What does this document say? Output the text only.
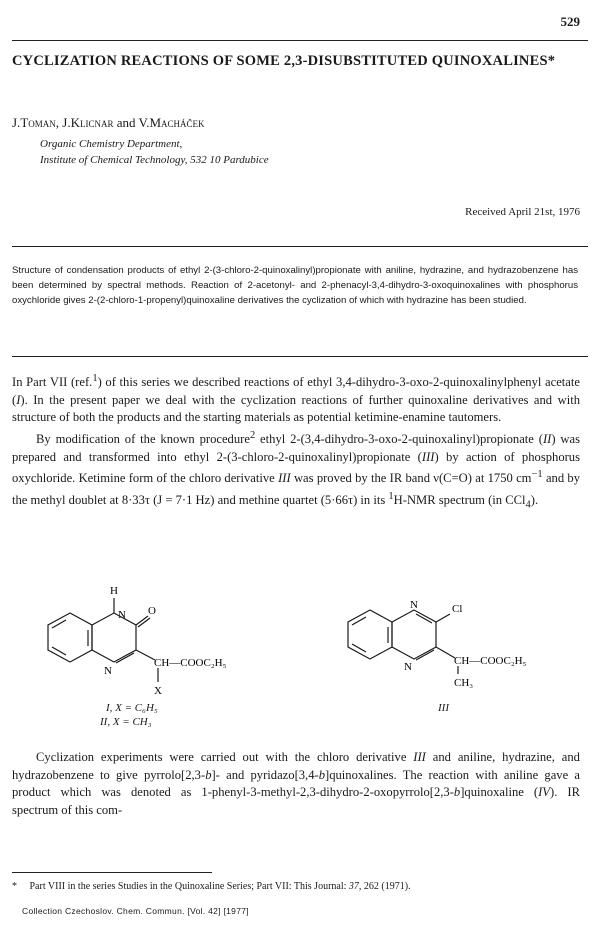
529
CYCLIZATION REACTIONS OF SOME 2,3-DISUBSTITUTED QUINOXALINES*
J.Toman, J.Klicnar and V.Macháček
Organic Chemistry Department,
Institute of Chemical Technology, 532 10 Pardubice
Received April 21st, 1976
Structure of condensation products of ethyl 2-(3-chloro-2-quinoxalinyl)propionate with aniline, hydrazine, and hydrazobenzene has been determined by spectral methods. Reaction of 2-acetonyl- and 2-phenacyl-3,4-dihydro-3-oxoquinoxalines with phosphorus oxychloride gives 2-(2-chloro-1-propenyl)quinoxaline derivatives the cyclization of which with hydrazine has been studied.

In Part VII (ref.$^1$) of this series we described reactions of ethyl 3,4-dihydro-3-oxo-2-quinoxalinylphenyl acetate (I). In the present paper we deal with the cyclization reactions of further quinoxaline derivatives and with structure of both the products and the starting materials as potential ketimine-enamine tautomers.

By modification of the known procedure$^2$ ethyl 2-(3,4-dihydro-3-oxo-2-quinoxalinyl)propionate (II) was prepared and transformed into ethyl 2-(3-chloro-2-quinoxalinyl)propionate (III) by action of phosphorus oxychloride. Ketimine form of the chloro derivative III was proved by the IR band ν(C=O) at 1750 $cm^{-1}$ and by the methyl doublet at 8·33τ (J = 7·1 Hz) and methine quartet (5·66τ) in its $^1$H-NMR spectrum (in CCl$_4$).

H
N O
N
CH—COOC₂H₅
X
N	Cl
N	CH—COOC₂H₅
CH₃
I, X = C₆H₅
II, X = CH₃
III

Cyclization experiments were carried out with the chloro derivative III and aniline, hydrazine, and hydrazobenzene to give pyrrolo[2,3-b]- and pyridazo[3,4-b]quinoxalines. The reaction with aniline gave a product which was denoted as 1-phenyl-3-methyl-2,3-dihydro-2-oxopyrrolo[2,3-b]quinoxaline (IV). IR spectrum of this com-

* Part VIII in the series Studies in the Quinoxaline Series; Part VII: This Journal: 37, 262 (1971).
Collection Czechoslov. Chem. Commun. [Vol. 42] [1977]
